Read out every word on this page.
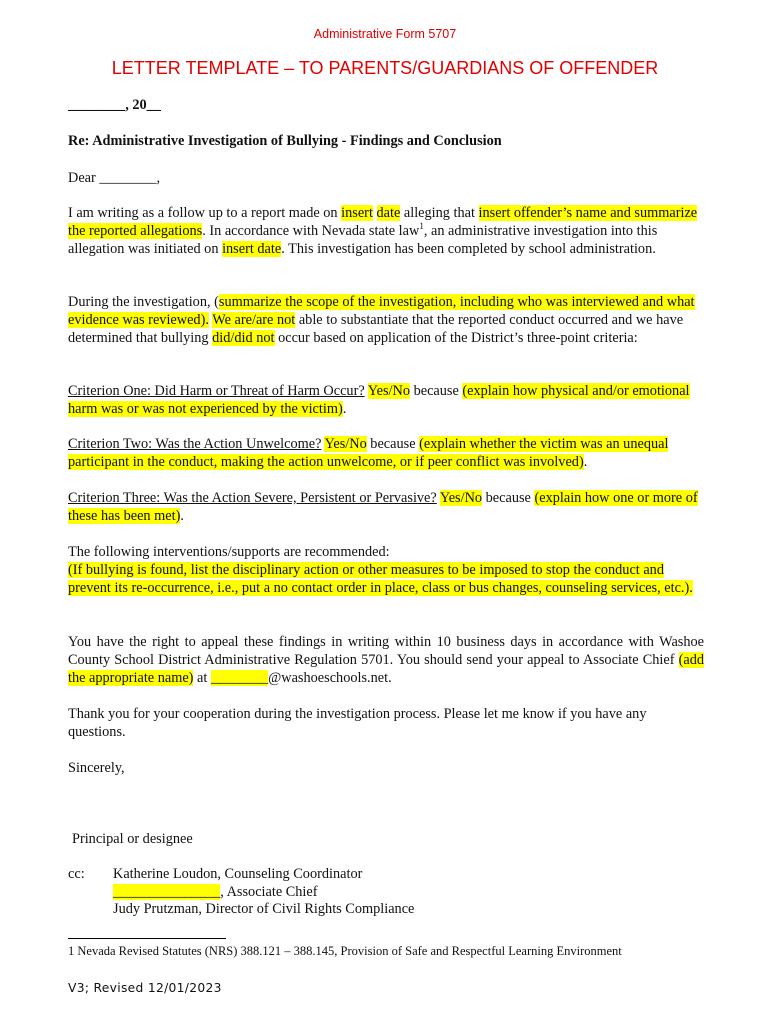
Administrative Form 5707
LETTER TEMPLATE – TO PARENTS/GUARDIANS OF OFFENDER
________, 20__
Re: Administrative Investigation of Bullying - Findings and Conclusion
Dear ________,
I am writing as a follow up to a report made on insert date alleging that insert offender’s name and summarize the reported allegations. In accordance with Nevada state law$^1$, an administrative investigation into this allegation was initiated on insert date. This investigation has been completed by school administration.
During the investigation, (summarize the scope of the investigation, including who was interviewed and what evidence was reviewed). We are/are not able to substantiate that the reported conduct occurred and we have determined that bullying did/did not occur based on application of the District’s three-point criteria:
Criterion One: Did Harm or Threat of Harm Occur? Yes/No because (explain how physical and/or emotional harm was or was not experienced by the victim).
Criterion Two: Was the Action Unwelcome? Yes/No because (explain whether the victim was an unequal participant in the conduct, making the action unwelcome, or if peer conflict was involved).
Criterion Three: Was the Action Severe, Persistent or Pervasive? Yes/No because (explain how one or more of these has been met).
The following interventions/supports are recommended:
(If bullying is found, list the disciplinary action or other measures to be imposed to stop the conduct and prevent its re-occurrence, i.e., put a no contact order in place, class or bus changes, counseling services, etc.).
You have the right to appeal these findings in writing within 10 business days in accordance with Washoe County School District Administrative Regulation 5701. You should send your appeal to Associate Chief (add the appropriate name) at ________@washoeschools.net.
Thank you for your cooperation during the investigation process. Please let me know if you have any questions.
Sincerely,
Principal or designee
cc: Katherine Loudon, Counseling Coordinator
_______________, Associate Chief
Judy Prutzman, Director of Civil Rights Compliance
1 Nevada Revised Statutes (NRS) 388.121 – 388.145, Provision of Safe and Respectful Learning Environment
V3; Revised 12/01/2023
